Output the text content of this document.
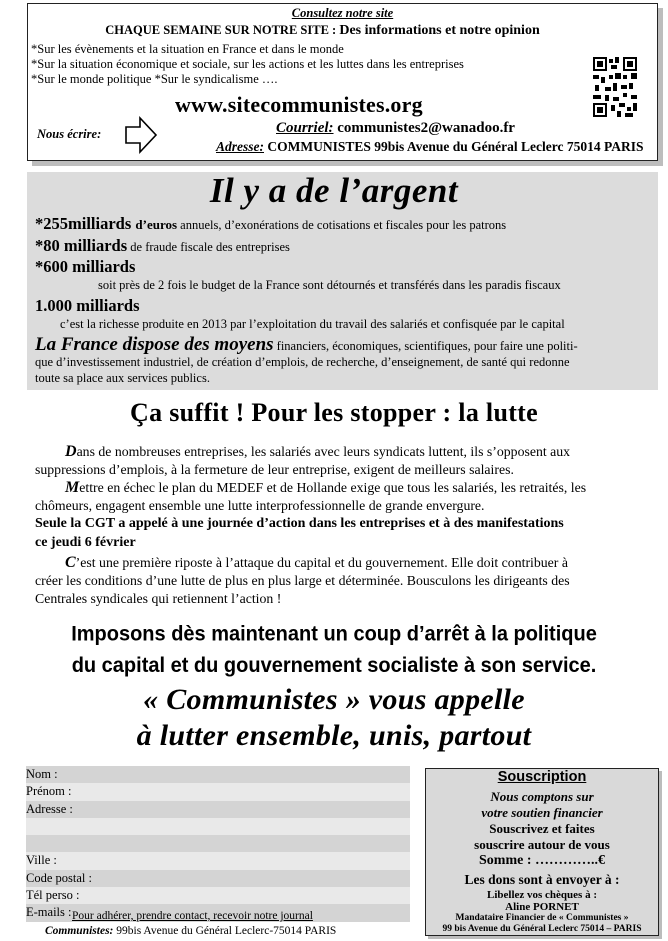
Consultez notre site
CHAQUE SEMAINE SUR NOTRE SITE : Des informations et notre opinion
*Sur les évènements et la situation en France et dans le monde
*Sur la situation économique et sociale, sur les actions et les luttes dans les entreprises
*Sur le monde politique *Sur le syndicalisme ….
www.sitecommunistes.org
Nous écrire:	Courriel: communistes2@wanadoo.fr
Adresse: COMMUNISTES 99bis Avenue du Général Leclerc 75014 PARIS
Il y a de l’argent
*255milliards d’euros annuels, d’exonérations de cotisations et fiscales pour les patrons
*80 milliards de fraude fiscale des entreprises
*600 milliards
soit près de 2 fois le budget de la France sont détournés et transférés dans les paradis fiscaux
1.000 milliards
c’est la richesse produite en 2013 par l’exploitation du travail des salariés et confisquée par le capital
La France dispose des moyens financiers, économiques, scientifiques, pour faire une politi-
que d’investissement industriel, de création d’emplois, de recherche, d’enseignement, de santé qui redonne
toute sa place aux services publics.
Ça suffit ! Pour les stopper : la lutte
Dans de nombreuses entreprises, les salariés avec leurs syndicats luttent, ils s’opposent aux
suppressions d’emplois, à la fermeture de leur entreprise, exigent de meilleurs salaires.
Mettre en échec le plan du MEDEF et de Hollande exige que tous les salariés, les retraités, les
chômeurs, engagent ensemble une lutte interprofessionnelle de grande envergure.
Seule la CGT a appelé à une journée d’action dans les entreprises et à des manifestations
ce jeudi 6 février
C’est une première riposte à l’attaque du capital et du gouvernement. Elle doit contribuer à
créer les conditions d’une lutte de plus en plus large et déterminée. Bousculons les dirigeants des
Centrales syndicales qui retiennent l’action !
Imposons dès maintenant un coup d’arrêt à la politique
du capital et du gouvernement socialiste à son service.
« Communistes » vous appelle
à lutter ensemble, unis, partout
Nom :
Prénom :
Adresse :
Ville :
Code postal :
Tél perso :
E-mails : Pour adhérer, prendre contact, recevoir notre journal
Communistes: 99bis Avenue du Général Leclerc-75014 PARIS
Souscription
Nous comptons sur
votre soutien financier
Souscrivez et faites
souscrire autour de vous
Somme : …………..€
Les dons sont à envoyer à :
Libellez vos chèques à :
Aline PORNET
Mandataire Financier de « Communistes »
99 bis Avenue du Général Leclerc 75014 – PARIS
